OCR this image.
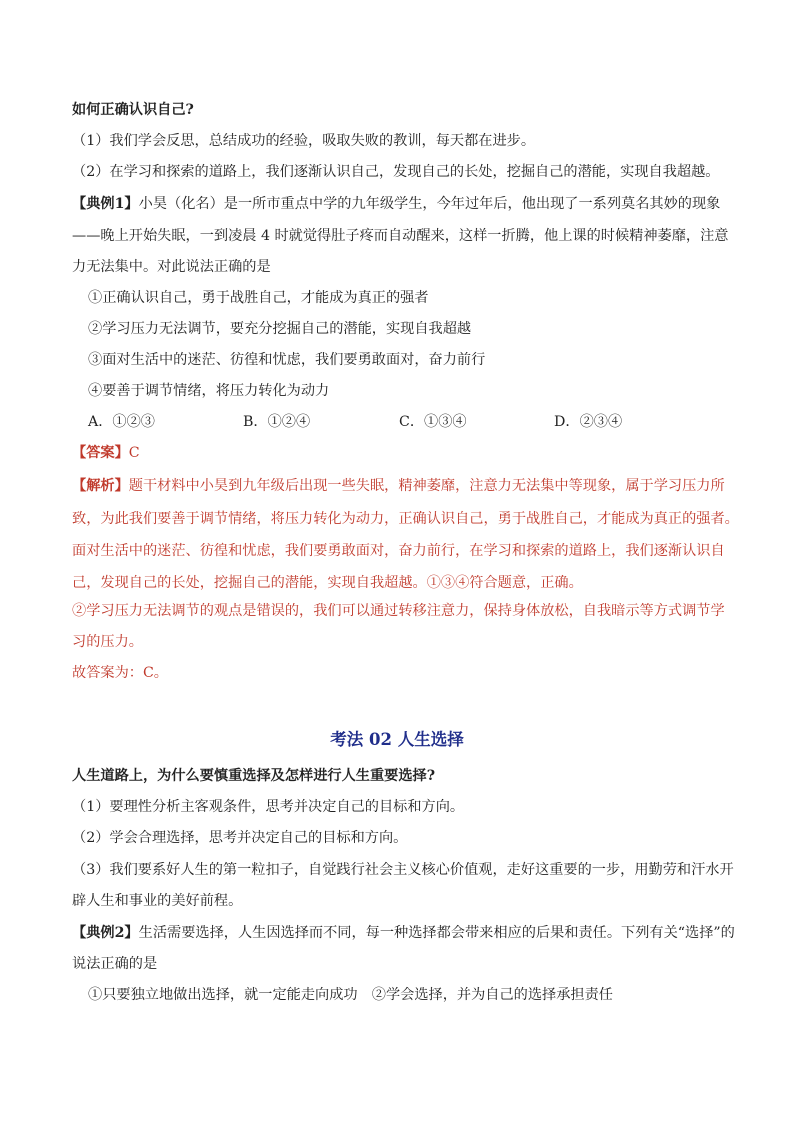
如何正确认识自己?
（1）我们学会反思，总结成功的经验，吸取失败的教训，每天都在进步。
（2）在学习和探索的道路上，我们逐渐认识自己，发现自己的长处，挖掘自己的潜能，实现自我超越。
【典例1】小昊（化名）是一所市重点中学的九年级学生，今年过年后，他出现了一系列莫名其妙的现象
——晚上开始失眠，一到凌晨 4 时就觉得肚子疼而自动醒来，这样一折腾，他上课的时候精神萎靡，注意
力无法集中。对此说法正确的是
①正确认识自己，勇于战胜自己，才能成为真正的强者
②学习压力无法调节，要充分挖掘自己的潜能，实现自我超越
③面对生活中的迷茫、彷徨和忧虑，我们要勇敢面对，奋力前行
④要善于调节情绪，将压力转化为动力
A．①②③	B．①②④	C．①③④	D．②③④
【答案】C
【解析】题干材料中小昊到九年级后出现一些失眠，精神萎靡，注意力无法集中等现象，属于学习压力所
致，为此我们要善于调节情绪，将压力转化为动力，正确认识自己，勇于战胜自己，才能成为真正的强者。
面对生活中的迷茫、彷徨和忧虑，我们要勇敢面对，奋力前行，在学习和探索的道路上，我们逐渐认识自
己，发现自己的长处，挖掘自己的潜能，实现自我超越。①③④符合题意，正确。
②学习压力无法调节的观点是错误的，我们可以通过转移注意力，保持身体放松，自我暗示等方式调节学
习的压力。
故答案为：C。
考法 02 人生选择
人生道路上，为什么要慎重选择及怎样进行人生重要选择?
（1）要理性分析主客观条件，思考并决定自己的目标和方向。
（2）学会合理选择，思考并决定自己的目标和方向。
（3）我们要系好人生的第一粒扣子，自觉践行社会主义核心价值观，走好这重要的一步，用勤劳和汗水开
辟人生和事业的美好前程。
【典例2】生活需要选择，人生因选择而不同，每一种选择都会带来相应的后果和责任。下列有关“选择”的
说法正确的是
①只要独立地做出选择，就一定能走向成功　②学会选择，并为自己的选择承担责任
